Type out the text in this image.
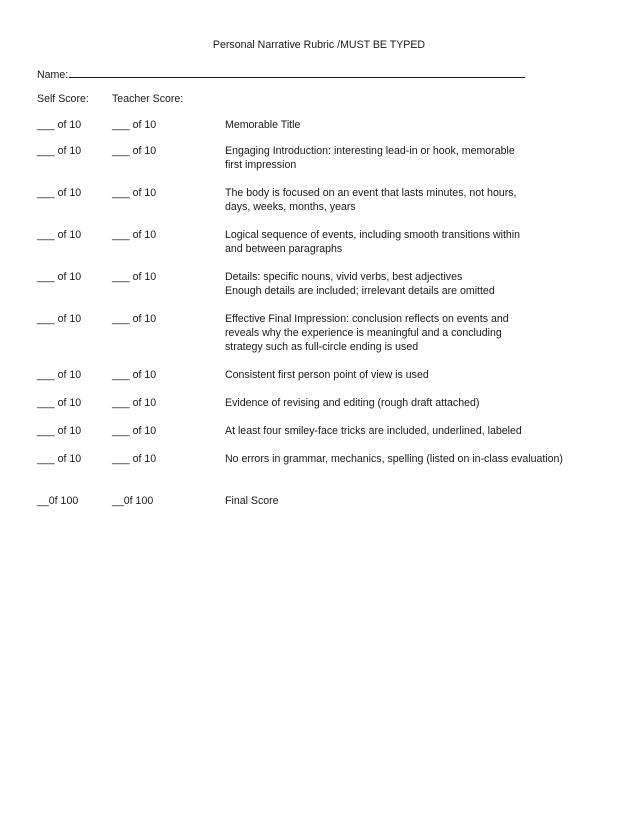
Personal Narrative Rubric /MUST BE TYPED
Name:
Self Score: Teacher Score:
___ of 10	___ of 10	Memorable Title
___ of 10	___ of 10	Engaging Introduction: interesting lead-in or hook, memorable
first impression
___ of 10	___ of 10	The body is focused on an event that lasts minutes, not hours,
days, weeks, months, years
___ of 10	___ of 10	Logical sequence of events, including smooth transitions within
and between paragraphs
___ of 10	___ of 10	Details: specific nouns, vivid verbs, best adjectives
Enough details are included; irrelevant details are omitted
___ of 10	___ of 10	Effective Final Impression: conclusion reflects on events and
reveals why the experience is meaningful and a concluding
strategy such as full-circle ending is used
___ of 10	___ of 10	Consistent first person point of view is used
___ of 10	___ of 10	Evidence of revising and editing (rough draft attached)
___ of 10	___ of 10	At least four smiley-face tricks are included, underlined, labeled
___ of 10	___ of 10	No errors in grammar, mechanics, spelling (listed on in-class evaluation)
__0f 100	__0f 100	Final Score
